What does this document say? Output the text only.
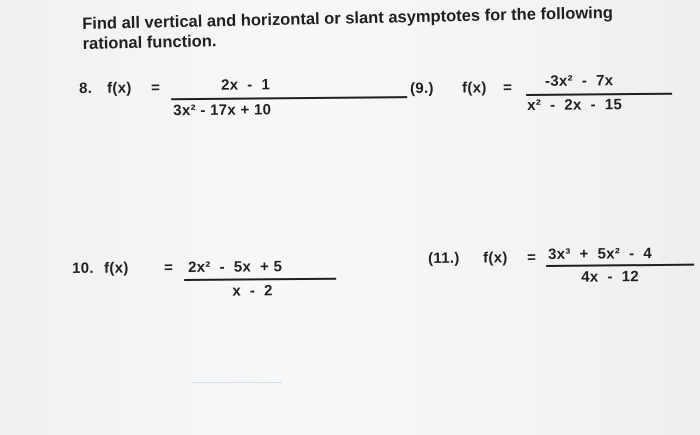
Find all vertical and horizontal or slant asymptotes for the following rational function.
8. f(x) =	2x  -  1
3x² - 17x + 10
(9.) f(x) = -3x²  -  7x
x²  -  2x  -  15
10. f(x) = 2x²  -  5x  + 5
x  -  2
(11.) f(x) = 3x³  +  5x²  -  4
4x  -  12
